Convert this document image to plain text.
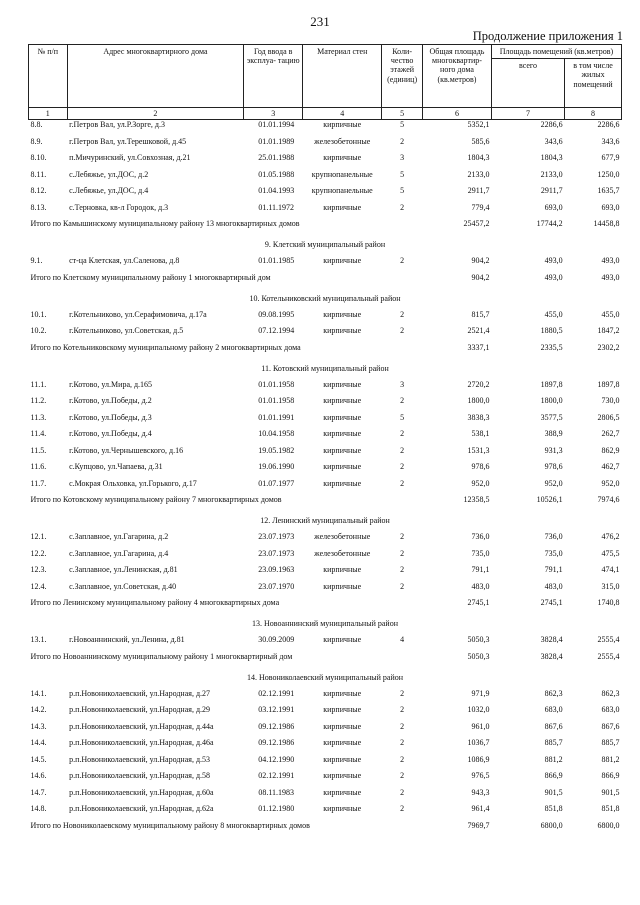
231
Продолжение приложения 1
№ п/п	Адрес многоквартирного дома	Год ввода в эксплуа- тацию	Материал стен	Коли- чество этажей (единиц)	Общая площадь многоквартир- ного дома (кв.метров)	Площадь помещений (кв.метров)	
						всего	в том числе жилых помещений
1	2	3	4	5	6	7	8
8.8.	г.Петров Вал, ул.Р.Зорге, д.3	01.01.1994	кирпичные	5	5352,1	2286,6	2286,6
8.9.	г.Петров Вал, ул.Терешковой, д.45	01.01.1989	железобетонные	2	585,6	343,6	343,6
8.10.	п.Мичуринский, ул.Совхозная, д.21	25.01.1988	кирпичные	3	1804,3	1804,3	677,9
8.11.	с.Лебяжье, ул.ДОС, д.2	01.05.1988	крупнопанельные	5	2133,0	2133,0	1250,0
8.12.	с.Лебяжье, ул.ДОС, д.4	01.04.1993	крупнопанельные	5	2911,7	2911,7	1635,7
8.13.	с.Терновка, кв-л Городок, д.3	01.11.1972	кирпичные	2	779,4	693,0	693,0
Итого по Камышинскому муниципальному району 13 многоквартирных домов					25457,2	17744,2	14458,8
9. Клетский муниципальный район							
9.1.	ст-ца Клетская, ул.Саленова, д.8	01.01.1985	кирпичные	2	904,2	493,0	493,0
Итого по Клетскому муниципальному району 1 многоквартирный дом					904,2	493,0	493,0
10. Котельниковский муниципальный район							
10.1.	г.Котельниково, ул.Серафимовича, д.17а	09.08.1995	кирпичные	2	815,7	455,0	455,0
10.2.	г.Котельниково, ул.Советская, д.5	07.12.1994	кирпичные	2	2521,4	1880,5	1847,2
Итого по Котельниковскому муниципальному району 2 многоквартирных дома					3337,1	2335,5	2302,2
11. Котовский муниципальный район							
11.1.	г.Котово, ул.Мира, д.165	01.01.1958	кирпичные	3	2720,2	1897,8	1897,8
11.2.	г.Котово, ул.Победы, д.2	01.01.1958	кирпичные	2	1800,0	1800,0	730,0
11.3.	г.Котово, ул.Победы, д.3	01.01.1991	кирпичные	5	3838,3	3577,5	2806,5
11.4.	г.Котово, ул.Победы, д.4	10.04.1958	кирпичные	2	538,1	388,9	262,7
11.5.	г.Котово, ул.Чернышевского, д.16	19.05.1982	кирпичные	2	1531,3	931,3	862,9
11.6.	с.Купцово, ул.Чапаева, д.31	19.06.1990	кирпичные	2	978,6	978,6	462,7
11.7.	с.Мокрая Ольховка, ул.Горького, д.17	01.07.1977	кирпичные	2	952,0	952,0	952,0
Итого по Котовскому муниципальному району 7 многоквартирных домов					12358,5	10526,1	7974,6
12. Ленинский муниципальный район							
12.1.	с.Заплавное, ул.Гагарина, д.2	23.07.1973	железобетонные	2	736,0	736,0	476,2
12.2.	с.Заплавное, ул.Гагарина, д.4	23.07.1973	железобетонные	2	735,0	735,0	475,5
12.3.	с.Заплавное, ул.Ленинская, д.81	23.09.1963	кирпичные	2	791,1	791,1	474,1
12.4.	с.Заплавное, ул.Советская, д.40	23.07.1970	кирпичные	2	483,0	483,0	315,0
Итого по Ленинскому муниципальному району 4 многоквартирных дома					2745,1	2745,1	1740,8
13. Новоаннинский муниципальный район							
13.1.	г.Новоаннинский, ул.Ленина, д.81	30.09.2009	кирпичные	4	5050,3	3828,4	2555,4
Итого по Новоаннинскому муниципальному району 1 многоквартирный дом					5050,3	3828,4	2555,4
14. Новониколаевский муниципальный район							
14.1.	р.п.Новониколаевский, ул.Народная, д.27	02.12.1991	кирпичные	2	971,9	862,3	862,3
14.2.	р.п.Новониколаевский, ул.Народная, д.29	03.12.1991	кирпичные	2	1032,0	683,0	683,0
14.3.	р.п.Новониколаевский, ул.Народная, д.44а	09.12.1986	кирпичные	2	961,0	867,6	867,6
14.4.	р.п.Новониколаевский, ул.Народная, д.46а	09.12.1986	кирпичные	2	1036,7	885,7	885,7
14.5.	р.п.Новониколаевский, ул.Народная, д.53	04.12.1990	кирпичные	2	1086,9	881,2	881,2
14.6.	р.п.Новониколаевский, ул.Народная, д.58	02.12.1991	кирпичные	2	976,5	866,9	866,9
14.7.	р.п.Новониколаевский, ул.Народная, д.60а	08.11.1983	кирпичные	2	943,3	901,5	901,5
14.8.	р.п.Новониколаевский, ул.Народная, д.62а	01.12.1980	кирпичные	2	961,4	851,8	851,8
Итого по Новониколаевскому муниципальному району 8 многоквартирных домов					7969,7	6800,0	6800,0
